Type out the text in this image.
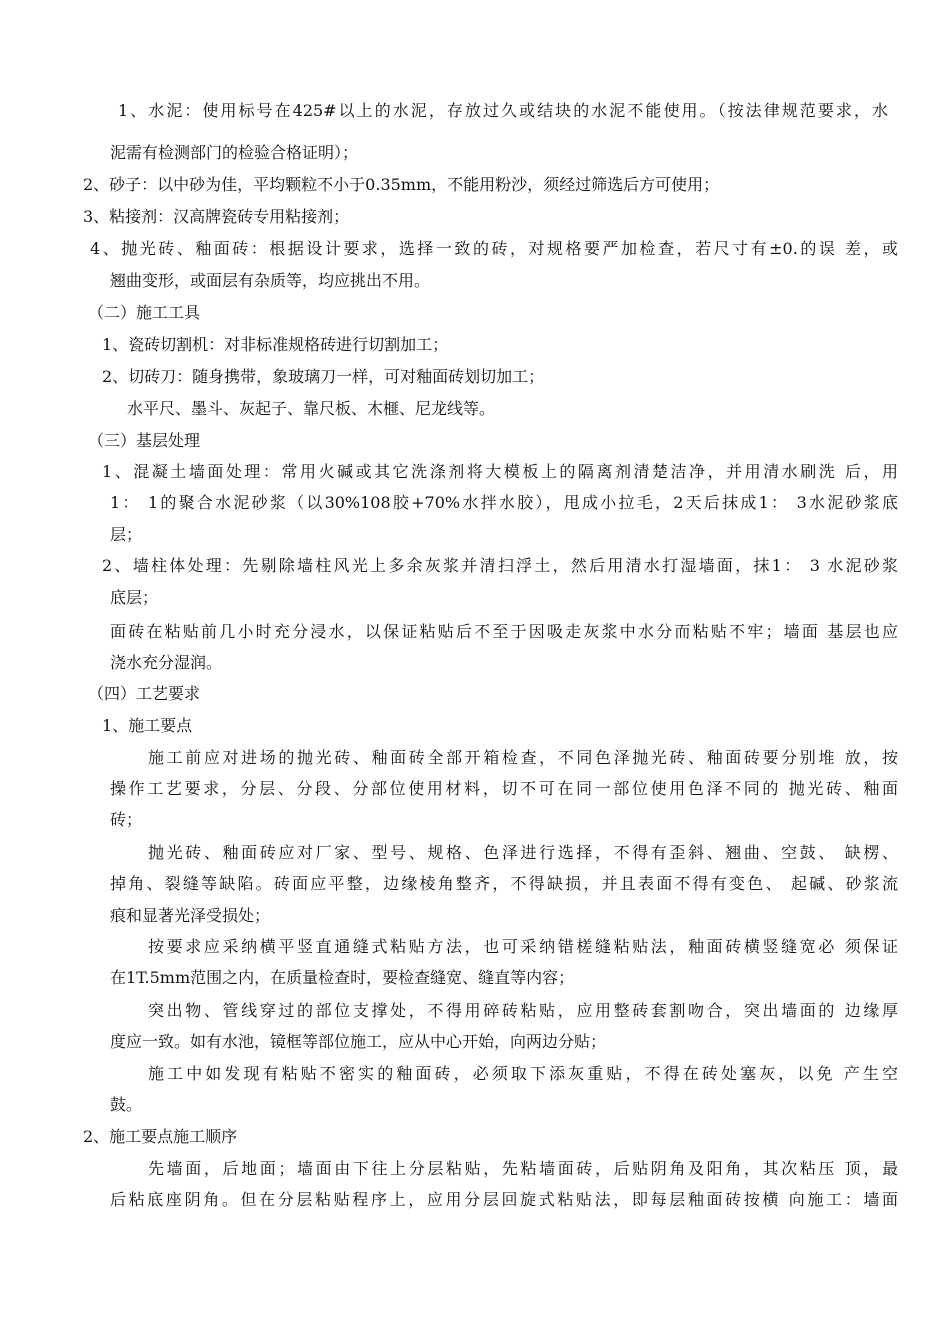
1、水泥：使用标号在425#以上的水泥，存放过久或结块的水泥不能使用。（按法律规范要求，水
泥需有检测部门的检验合格证明）；
2、砂子：以中砂为佳，平均颗粒不小于0.35mm，不能用粉沙，须经过筛选后方可使用；
3、粘接剂：汉高牌瓷砖专用粘接剂；
4、抛光砖、釉面砖：根据设计要求，选择一致的砖，对规格要严加检查，若尺寸有±0.的误 差，或
翘曲变形，或面层有杂质等，均应挑出不用。
（二）施工工具
1、瓷砖切割机：对非标准规格砖进行切割加工；
2、切砖刀：随身携带，象玻璃刀一样，可对釉面砖划切加工；
水平尺、墨斗、灰起子、靠尺板、木榧、尼龙线等。
（三）基层处理
1、混凝土墙面处理：常用火碱或其它洗涤剂将大模板上的隔离剂清楚洁净，并用清水刷洗 后，用
1： 1的聚合水泥砂浆（以30%108胶+70%水拌水胶），甩成小拉毛，2天后抹成1： 3水泥砂浆底
层；
2、墙柱体处理：先剔除墙柱风光上多余灰浆并清扫浮土，然后用清水打湿墙面，抹1： 3 水泥砂浆
底层；
面砖在粘贴前几小时充分浸水，以保证粘贴后不至于因吸走灰浆中水分而粘贴不牢；墙面 基层也应
浇水充分湿润。
（四）工艺要求
1、施工要点
施工前应对进场的抛光砖、釉面砖全部开箱检查，不同色泽抛光砖、釉面砖要分别堆 放，按
操作工艺要求，分层、分段、分部位使用材料，切不可在同一部位使用色泽不同的 抛光砖、釉面
砖；
抛光砖、釉面砖应对厂家、型号、规格、色泽进行选择，不得有歪斜、翘曲、空鼓、 缺楞、
掉角、裂缝等缺陷。砖面应平整，边缘棱角整齐，不得缺损，并且表面不得有变色、 起碱、砂浆流
痕和显著光泽受损处；
按要求应采纳横平竖直通缝式粘贴方法，也可采纳错槎缝粘贴法，釉面砖横竖缝宽必 须保证
在1T.5mm范围之内，在质量检查时，要检查缝宽、缝直等内容；
突出物、管线穿过的部位支撑处，不得用碎砖粘贴，应用整砖套割吻合，突出墙面的 边缘厚
度应一致。如有水池，镜框等部位施工，应从中心开始，向两边分贴；
施工中如发现有粘贴不密实的釉面砖，必须取下添灰重贴，不得在砖处塞灰，以免 产生空
鼓。
2、施工要点施工顺序
先墙面，后地面；墙面由下往上分层粘贴，先粘墙面砖，后贴阴角及阳角，其次粘压 顶，最
后粘底座阴角。但在分层粘贴程序上，应用分层回旋式粘贴法，即每层釉面砖按横 向施工：墙面
